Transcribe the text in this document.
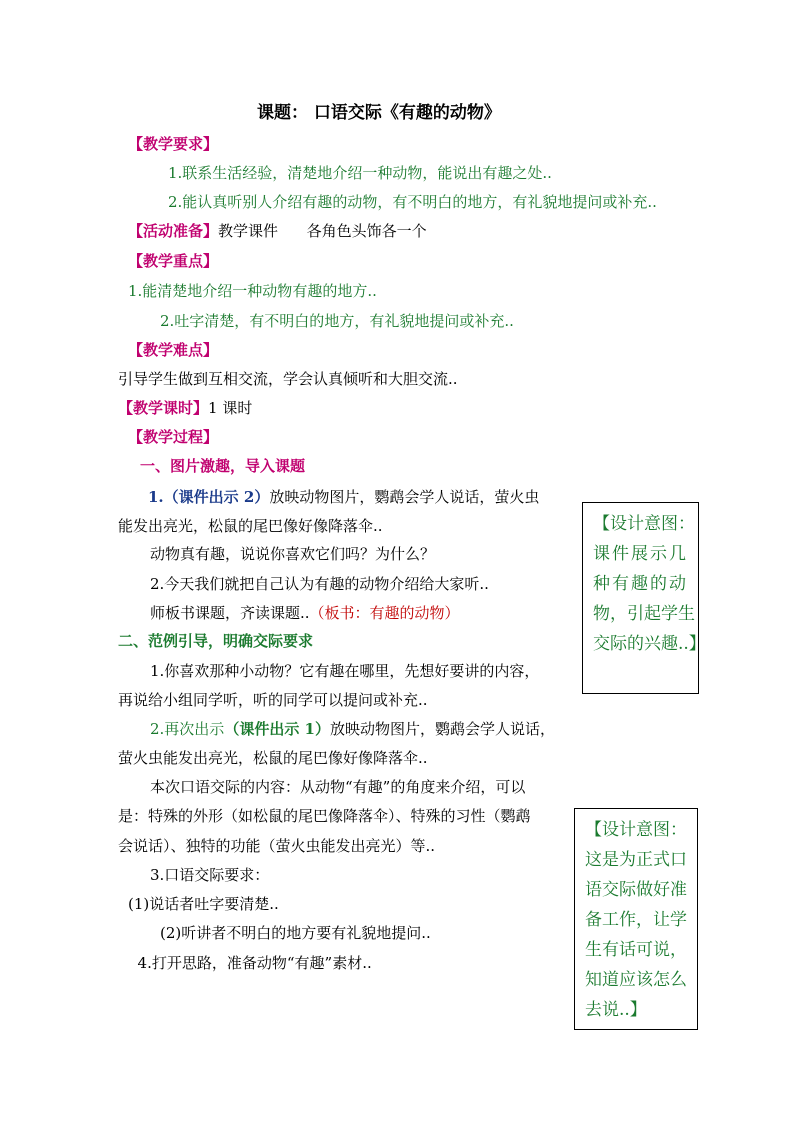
课题： 口语交际《有趣的动物》
【教学要求】
1.联系生活经验，清楚地介绍一种动物，能说出有趣之处..
2.能认真听别人介绍有趣的动物，有不明白的地方，有礼貌地提问或补充..
【活动准备】教学课件      各角色头饰各一个
【教学重点】
1.能清楚地介绍一种动物有趣的地方..
2.吐字清楚，有不明白的地方，有礼貌地提问或补充..
【教学难点】
引导学生做到互相交流，学会认真倾听和大胆交流..
【教学课时】1 课时
【教学过程】
一、图片激趣，导入课题
1.（课件出示 2）放映动物图片，鹦鹉会学人说话，萤火虫
能发出亮光，松鼠的尾巴像好像降落伞..
动物真有趣，说说你喜欢它们吗？为什么？
2.今天我们就把自己认为有趣的动物介绍给大家听..
师板书课题，齐读课题..（板书：有趣的动物）
二、范例引导，明确交际要求
1.你喜欢那种小动物？它有趣在哪里，先想好要讲的内容，
再说给小组同学听，听的同学可以提问或补充..
2.再次出示（课件出示 1）放映动物图片，鹦鹉会学人说话，
萤火虫能发出亮光，松鼠的尾巴像好像降落伞..
本次口语交际的内容：从动物“有趣”的角度来介绍，可以
是：特殊的外形（如松鼠的尾巴像降落伞）、特殊的习性（鹦鹉
会说话）、独特的功能（萤火虫能发出亮光）等..
3.口语交际要求：
(1)说话者吐字要清楚..
(2)听讲者不明白的地方要有礼貌地提问..
4.打开思路，准备动物“有趣”素材..
【设计意图：
课件展示几
种有趣的动
物，引起学生
交际的兴趣..】
【设计意图：
这是为正式口
语交际做好准
备工作，让学
生有话可说，
知道应该怎么
去说..】
